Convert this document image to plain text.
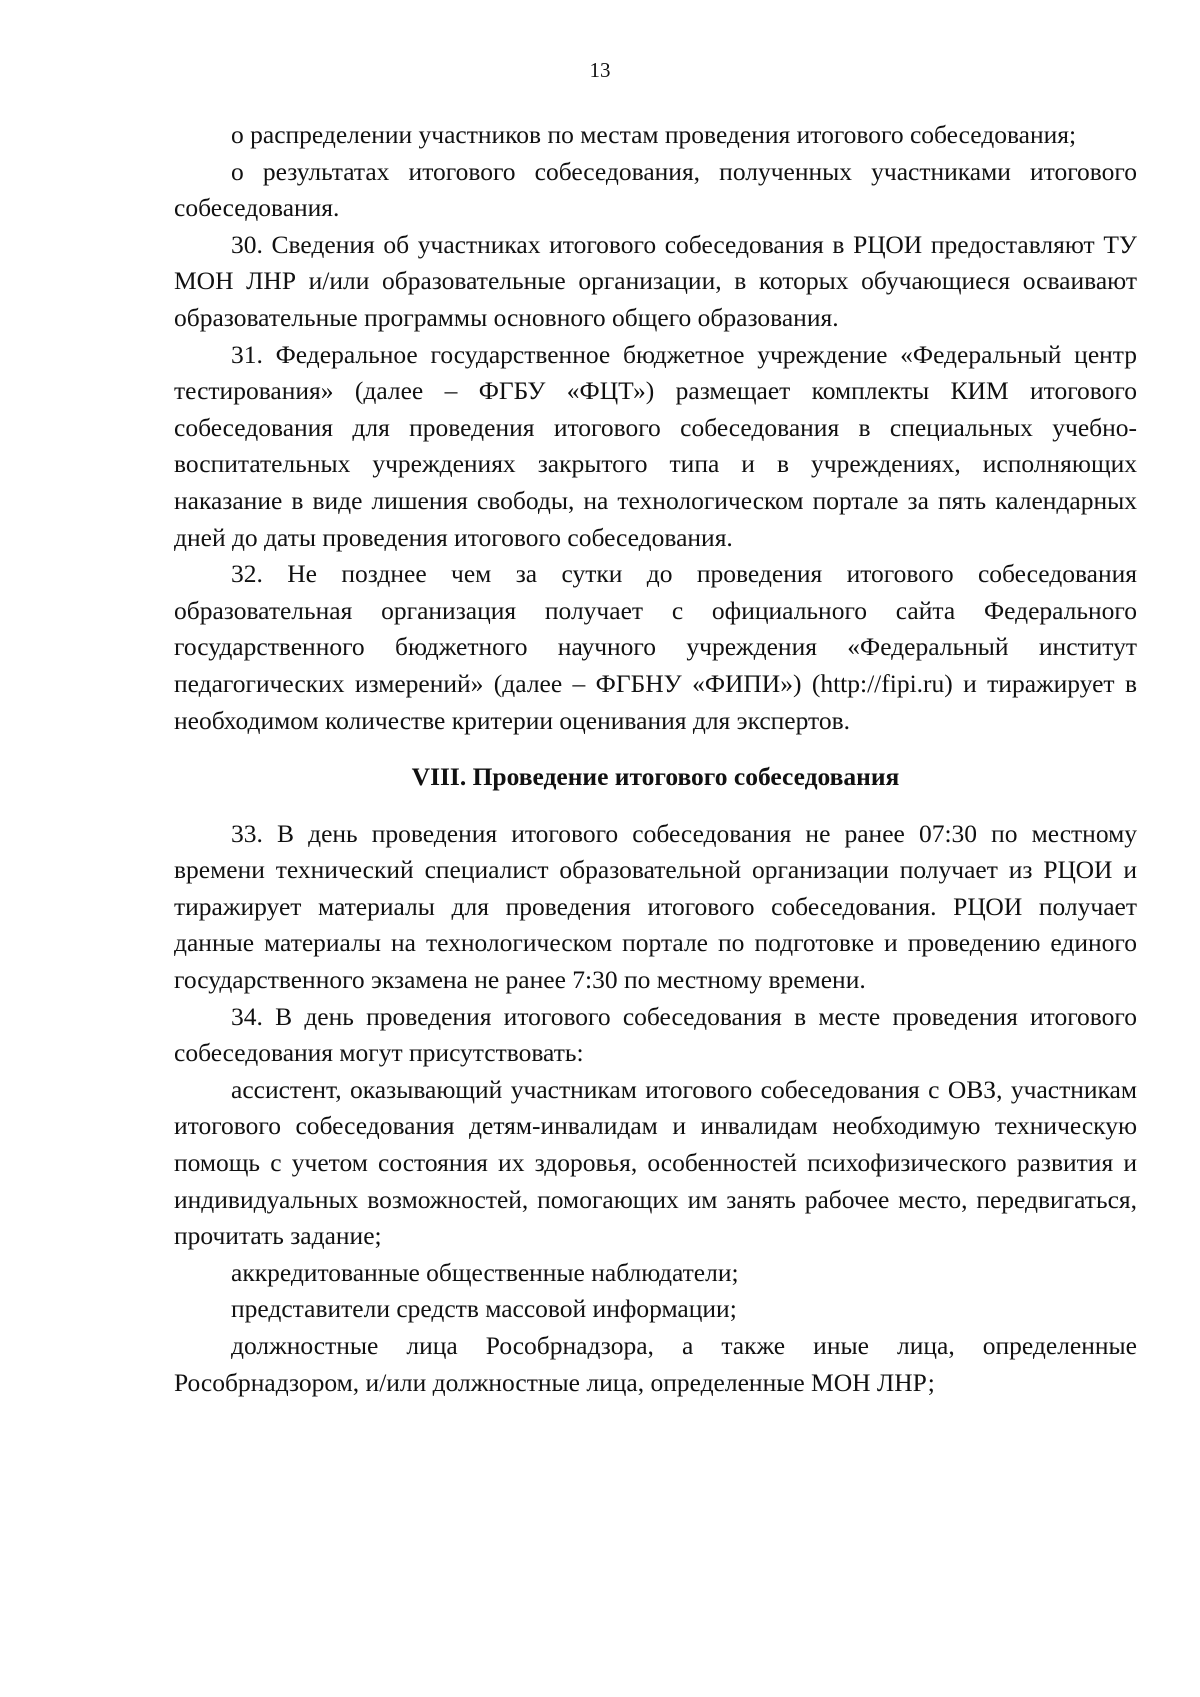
13

о распределении участников по местам проведения итогового собеседования;

о результатах итогового собеседования, полученных участниками итогового собеседования.

30. Сведения об участниках итогового собеседования в РЦОИ предоставляют ТУ МОН ЛНР и/или образовательные организации, в которых обучающиеся осваивают образовательные программы основного общего образования.

31. Федеральное государственное бюджетное учреждение «Федеральный центр тестирования» (далее – ФГБУ «ФЦТ») размещает комплекты КИМ итогового собеседования для проведения итогового собеседования в специальных учебно-воспитательных учреждениях закрытого типа и в учреждениях, исполняющих наказание в виде лишения свободы, на технологическом портале за пять календарных дней до даты проведения итогового собеседования.

32. Не позднее чем за сутки до проведения итогового собеседования образовательная организация получает с официального сайта Федерального государственного бюджетного научного учреждения «Федеральный институт педагогических измерений» (далее – ФГБНУ «ФИПИ») (http://fipi.ru) и тиражирует в необходимом количестве критерии оценивания для экспертов.

VIII. Проведение итогового собеседования

33. В день проведения итогового собеседования не ранее 07:30 по местному времени технический специалист образовательной организации получает из РЦОИ и тиражирует материалы для проведения итогового собеседования. РЦОИ получает данные материалы на технологическом портале по подготовке и проведению единого государственного экзамена не ранее 7:30 по местному времени.

34. В день проведения итогового собеседования в месте проведения итогового собеседования могут присутствовать:

ассистент, оказывающий участникам итогового собеседования с ОВЗ, участникам итогового собеседования детям-инвалидам и инвалидам необходимую техническую помощь с учетом состояния их здоровья, особенностей психофизического развития и индивидуальных возможностей, помогающих им занять рабочее место, передвигаться, прочитать задание;

аккредитованные общественные наблюдатели;

представители средств массовой информации;

должностные лица Рособрнадзора, а также иные лица, определенные Рособрнадзором, и/или должностные лица, определенные МОН ЛНР;
